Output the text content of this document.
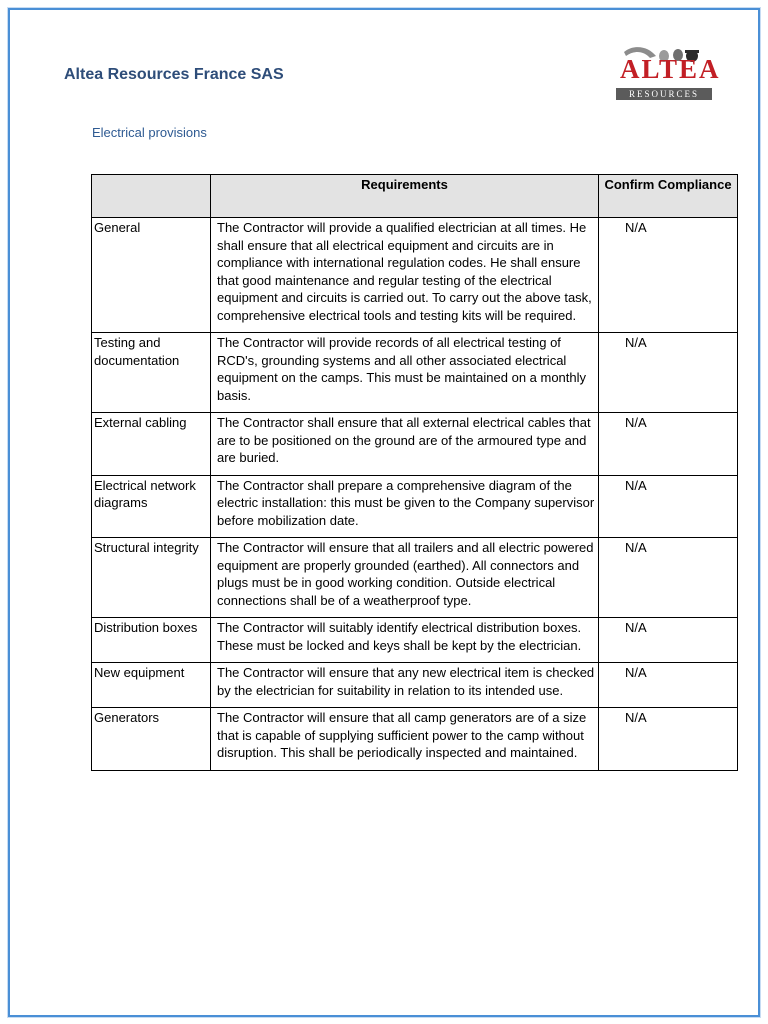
Altea Resources France SAS	ALTEA
RESOURCES
Electrical provisions
	Requirements	Confirm Compliance
General	The Contractor will provide a qualified electrician at all times. He shall ensure that all electrical equipment and circuits are in compliance with international regulation codes. He shall ensure that good maintenance and regular testing of the electrical equipment and circuits is carried out. To carry out the above task, comprehensive electrical tools and testing kits will be required.	N/A
Testing and documentation	The Contractor will provide records of all electrical testing of RCD's, grounding systems and all other associated electrical equipment on the camps. This must be maintained on a monthly basis.	N/A
External cabling	The Contractor shall ensure that all external electrical cables that are to be positioned on the ground are of the armoured type and are buried.	N/A
Electrical network diagrams	The Contractor shall prepare a comprehensive diagram of the electric installation: this must be given to the Company supervisor before mobilization date.	N/A
Structural integrity	The Contractor will ensure that all trailers and all electric powered equipment are properly grounded (earthed). All connectors and plugs must be in good working condition. Outside electrical connections shall be of a weatherproof type.	N/A
Distribution boxes	The Contractor will suitably identify electrical distribution boxes. These must be locked and keys shall be kept by the electrician.	N/A
New equipment	The Contractor will ensure that any new electrical item is checked by the electrician for suitability in relation to its intended use.	N/A
Generators	The Contractor will ensure that all camp generators are of a size that is capable of supplying sufficient power to the camp without disruption. This shall be periodically inspected and maintained.	N/A
